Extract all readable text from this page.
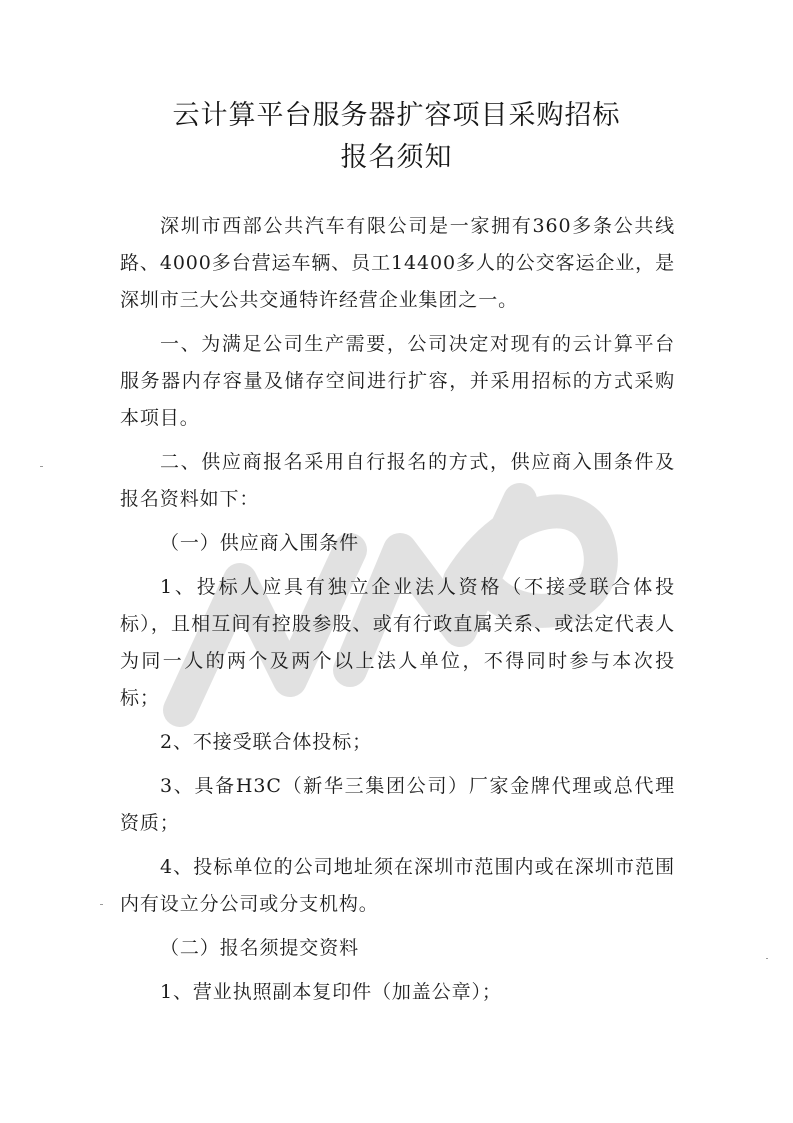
云计算平台服务器扩容项目采购招标
报名须知

深圳市西部公共汽车有限公司是一家拥有360多条公共线路、4000多台营运车辆、员工14400多人的公交客运企业，是深圳市三大公共交通特许经营企业集团之一。

一、为满足公司生产需要，公司决定对现有的云计算平台服务器内存容量及储存空间进行扩容，并采用招标的方式采购本项目。

二、供应商报名采用自行报名的方式，供应商入围条件及报名资料如下：

（一）供应商入围条件

1、投标人应具有独立企业法人资格（不接受联合体投标），且相互间有控股参股、或有行政直属关系、或法定代表人为同一人的两个及两个以上法人单位，不得同时参与本次投标；

2、不接受联合体投标；

3、具备H3C（新华三集团公司）厂家金牌代理或总代理资质；

4、投标单位的公司地址须在深圳市范围内或在深圳市范围内有设立分公司或分支机构。

（二）报名须提交资料

1、营业执照副本复印件（加盖公章）；
